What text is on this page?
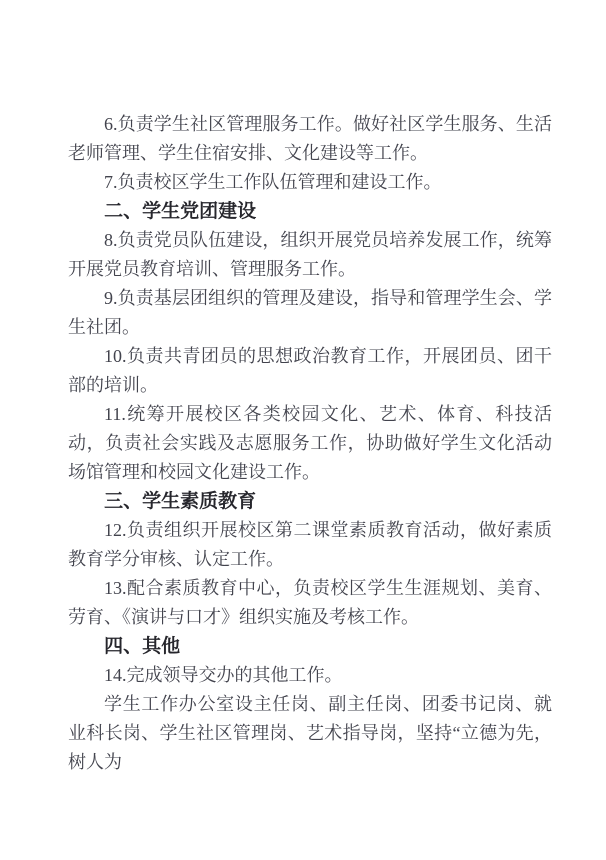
6.负责学生社区管理服务工作。做好社区学生服务、生活老师管理、学生住宿安排、文化建设等工作。

7.负责校区学生工作队伍管理和建设工作。

二、学生党团建设

8.负责党员队伍建设，组织开展党员培养发展工作，统筹开展党员教育培训、管理服务工作。

9.负责基层团组织的管理及建设，指导和管理学生会、学生社团。

10.负责共青团员的思想政治教育工作，开展团员、团干部的培训。

11.统筹开展校区各类校园文化、艺术、体育、科技活动，负责社会实践及志愿服务工作，协助做好学生文化活动场馆管理和校园文化建设工作。

三、学生素质教育

12.负责组织开展校区第二课堂素质教育活动，做好素质教育学分审核、认定工作。

13.配合素质教育中心，负责校区学生生涯规划、美育、劳育、《演讲与口才》组织实施及考核工作。

四、其他

14.完成领导交办的其他工作。

学生工作办公室设主任岗、副主任岗、团委书记岗、就业科长岗、学生社区管理岗、艺术指导岗，坚持“立德为先，树人为
